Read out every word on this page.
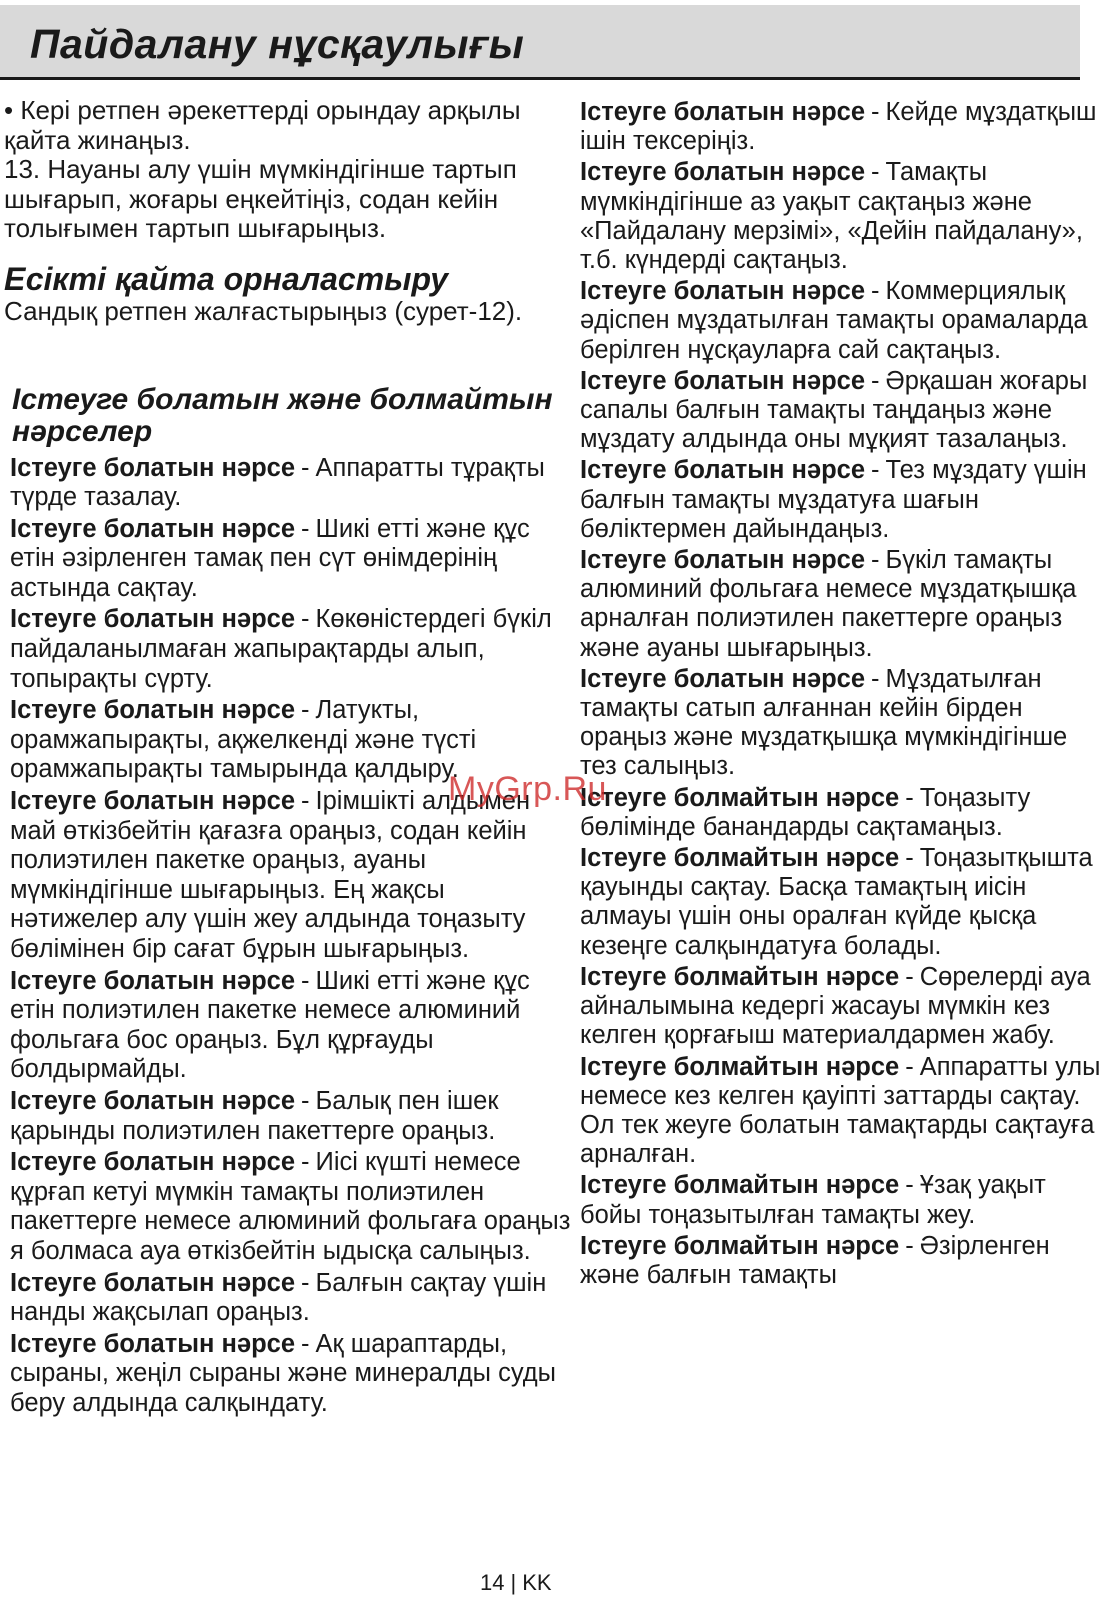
Пайдалану нұсқаулығы

• Кері ретпен әрекеттерді орындау арқылы қайта жинаңыз.

13. Науаны алу үшін мүмкіндігінше тартып шығарып, жоғары еңкейтіңіз, содан кейін толығымен тартып шығарыңыз.

Есікті қайта орналастыру

Сандық ретпен жалғастырыңыз (сурет-12).

Істеуге болатын және болмайтын нәрселер

Істеуге болатын нәрсе - Аппаратты тұрақты түрде тазалау.

Істеуге болатын нәрсе - Шикі етті және құс етін әзірленген тамақ пен сүт өнімдерінің астында сақтау.

Істеуге болатын нәрсе - Көкөністердегі бүкіл пайдаланылмаған жапырақтарды алып, топырақты сүрту.

Істеуге болатын нәрсе - Латукты, орамжапырақты, ақжелкенді және түсті орамжапырақты тамырында қалдыру.

Істеуге болатын нәрсе - Ірімшікті алдымен май өткізбейтін қағазға ораңыз, содан кейін полиэтилен пакетке ораңыз, ауаны мүмкіндігінше шығарыңыз. Ең жақсы нәтижелер алу үшін жеу алдында тоңазыту бөлімінен бір сағат бұрын шығарыңыз.

Істеуге болатын нәрсе - Шикі етті және құс етін полиэтилен пакетке немесе алюминий фольгаға бос ораңыз. Бұл құрғауды болдырмайды.

Істеуге болатын нәрсе - Балық пен ішек қарынды полиэтилен пакеттерге ораңыз.

Істеуге болатын нәрсе - Иісі күшті немесе құрғап кетуі мүмкін тамақты полиэтилен пакеттерге немесе алюминий фольгаға ораңыз я болмаса ауа өткізбейтін ыдысқа салыңыз.

Істеуге болатын нәрсе - Балғын сақтау үшін нанды жақсылап ораңыз.

Істеуге болатын нәрсе - Ақ шараптарды, сыраны, жеңіл сыраны және минералды суды беру алдында салқындату.

Істеуге болатын нәрсе - Кейде мұздатқыш ішін тексеріңіз.

Істеуге болатын нәрсе - Тамақты мүмкіндігінше аз уақыт сақтаңыз және «Пайдалану мерзімі», «Дейін пайдалану», т.б. күндерді сақтаңыз.

Істеуге болатын нәрсе - Коммерциялық әдіспен мұздатылған тамақты орамаларда берілген нұсқауларға сай сақтаңыз.

Істеуге болатын нәрсе - Әрқашан жоғары сапалы балғын тамақты таңдаңыз және мұздату алдында оны мұқият тазалаңыз.

Істеуге болатын нәрсе - Тез мұздату үшін балғын тамақты мұздатуға шағын бөліктермен дайындаңыз.

Істеуге болатын нәрсе - Бүкіл тамақты алюминий фольгаға немесе мұздатқышқа арналған полиэтилен пакеттерге ораңыз және ауаны шығарыңыз.

Істеуге болатын нәрсе - Мұздатылған тамақты сатып алғаннан кейін бірден ораңыз және мұздатқышқа мүмкіндігінше тез салыңыз.

Істеуге болмайтын нәрсе - Тоңазыту бөлімінде банандарды сақтамаңыз.

Істеуге болмайтын нәрсе - Тоңазытқышта қауынды сақтау. Басқа тамақтың иісін алмауы үшін оны оралған күйде қысқа кезеңге салқындатуға болады.

Істеуге болмайтын нәрсе - Сөрелерді ауа айналымына кедергі жасауы мүмкін кез келген қорғағыш материалдармен жабу.

Істеуге болмайтын нәрсе - Аппаратты улы немесе кез келген қауіпті заттарды сақтау. Ол тек жеуге болатын тамақтарды сақтауға арналған.

Істеуге болмайтын нәрсе - Ұзақ уақыт бойы тоңазытылған тамақты жеу.

Істеуге болмайтын нәрсе - Әзірленген және балғын тамақты

MyGrp.Ru
14 | KK
